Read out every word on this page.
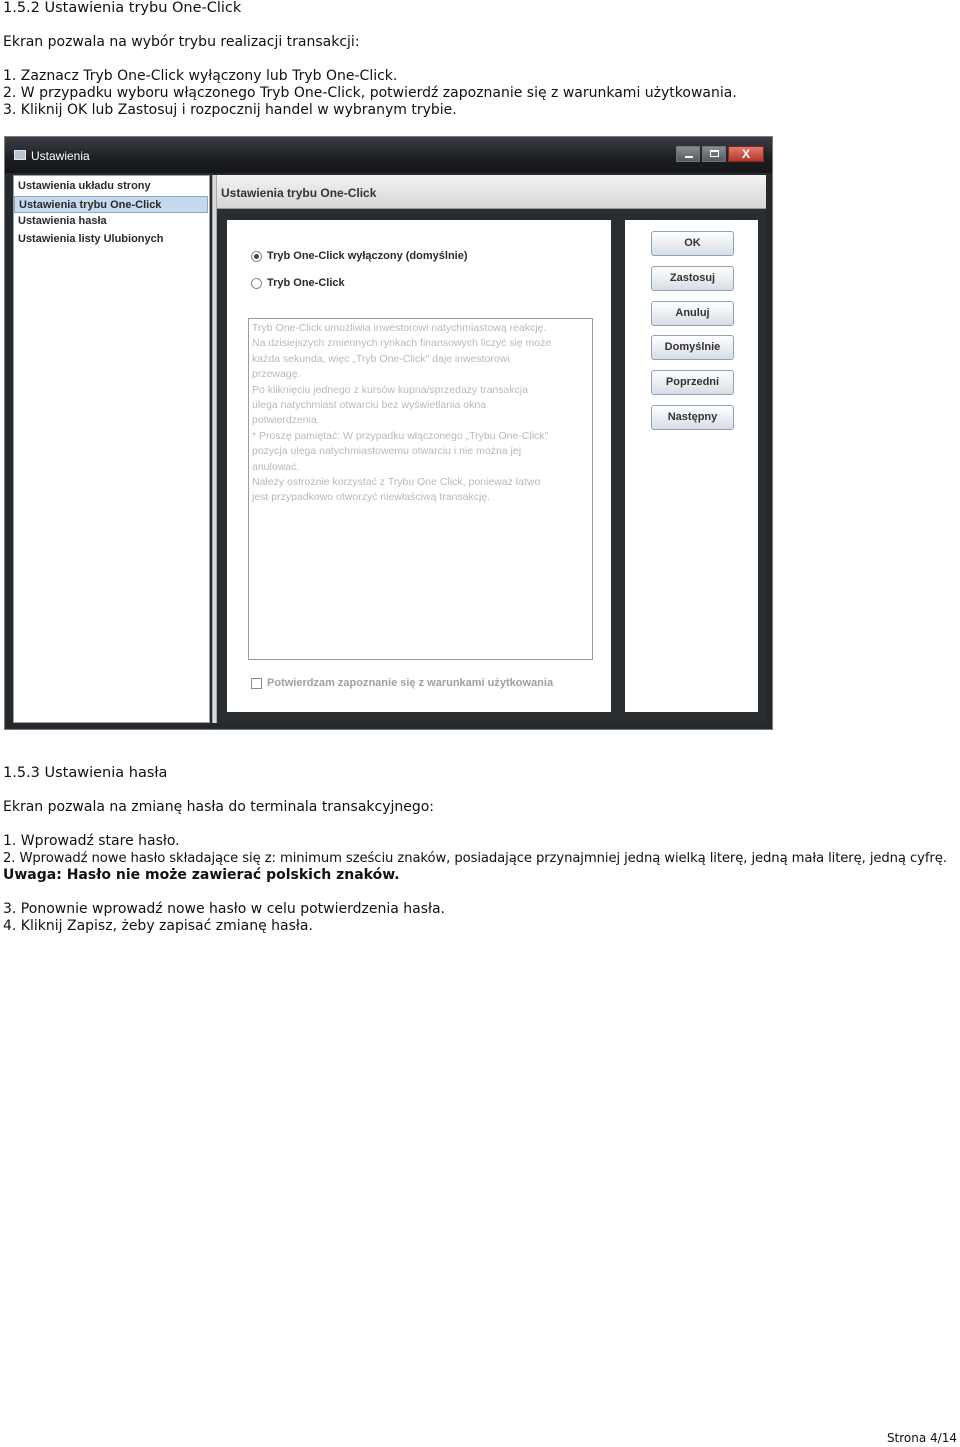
1.5.2 Ustawienia trybu One-Click
Ekran pozwala na wybór trybu realizacji transakcji:
1. Zaznacz Tryb One-Click wyłączony lub Tryb One-Click.
2. W przypadku wyboru włączonego Tryb One-Click, potwierdź zapoznanie się z warunkami użytkowania.
3. Kliknij OK lub Zastosuj i rozpocznij handel w wybranym trybie.
Ustawienia	X
Ustawienia układu strony
Ustawienia trybu One-Click
Ustawienia hasła
Ustawienia listy Ulubionych
Ustawienia trybu One-Click
Tryb One-Click wyłączony (domyślnie)
Tryb One-Click
Tryb One-Click umożliwia inwestorowi natychmiastową reakcję.
Na dzisiejszych zmiennych rynkach finansowych liczyć się może
każda sekunda, więc „Tryb One-Click" daje inwestorowi
przewagę.
Po kliknięciu jednego z kursów kupna/sprzedaży transakcja
ulega natychmiast otwarciu bez wyświetlania okna
potwierdzenia.
* Proszę pamiętać: W przypadku włączonego „Trybu One-Click"
pozycja ulega natychmiastowemu otwarciu i nie można jej
anulować.
Należy ostrożnie korzystać z Trybu One Click, ponieważ łatwo
jest przypadkowo otworzyć niewłaściwą transakcję.
Potwierdzam zapoznanie się z warunkami użytkowania
OK
Zastosuj
Anuluj
Domyślnie
Poprzedni
Następny
1.5.3 Ustawienia hasła
Ekran pozwala na zmianę hasła do terminala transakcyjnego:
1. Wprowadź stare hasło.
2. Wprowadź nowe hasło składające się z: minimum sześciu znaków, posiadające przynajmniej jedną wielką literę, jedną mała literę, jedną cyfrę.
Uwaga: Hasło nie może zawierać polskich znaków.
3. Ponownie wprowadź nowe hasło w celu potwierdzenia hasła.
4. Kliknij Zapisz, żeby zapisać zmianę hasła.
Strona 4/14
